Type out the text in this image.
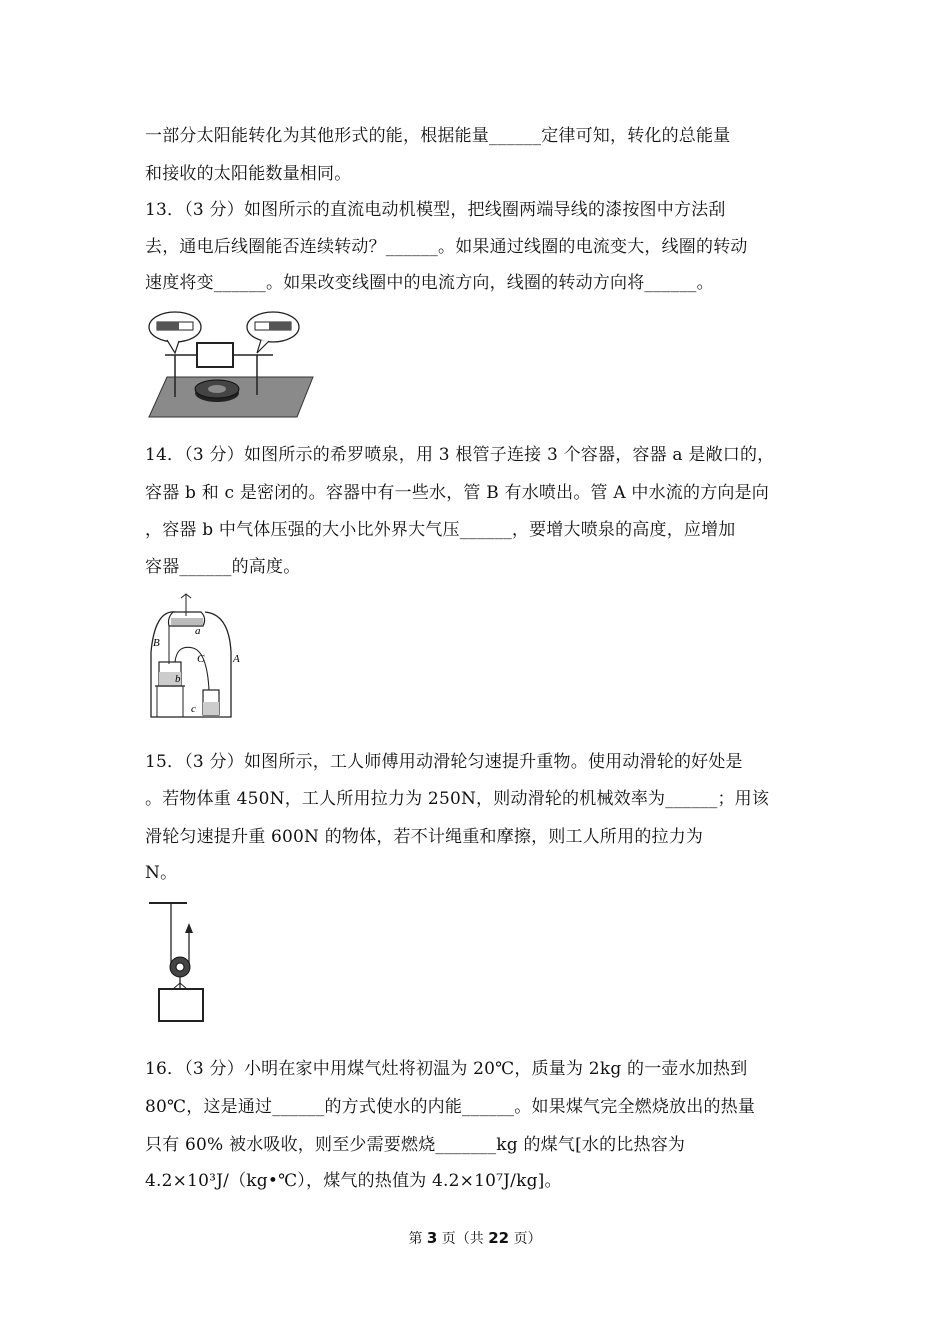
一部分太阳能转化为其他形式的能，根据能量______定律可知，转化的总能量
和接收的太阳能数量相同。
13．（3 分）如图所示的直流电动机模型，把线圈两端导线的漆按图中方法刮
去，通电后线圈能否连续转动？______。如果通过线圈的电流变大，线圈的转动
速度将变______。如果改变线圈中的电流方向，线圈的转动方向将______。
14．（3 分）如图所示的希罗喷泉，用 3 根管子连接 3 个容器，容器 a 是敞口的，
容器 b 和 c 是密闭的。容器中有一些水，管 B 有水喷出。管 A 中水流的方向是向
，容器 b 中气体压强的大小比外界大气压______，要增大喷泉的高度，应增加
容器______的高度。
a
B
C	A
b
c
15．（3 分）如图所示，工人师傅用动滑轮匀速提升重物。使用动滑轮的好处是
。若物体重 450N，工人所用拉力为 250N，则动滑轮的机械效率为______；用该
滑轮匀速提升重 600N 的物体，若不计绳重和摩擦，则工人所用的拉力为
N。
16．（3 分）小明在家中用煤气灶将初温为 20℃，质量为 2kg 的一壶水加热到
80℃，这是通过______的方式使水的内能______。如果煤气完全燃烧放出的热量
只有 60% 被水吸收，则至少需要燃烧_______kg 的煤气[水的比热容为
4.2×10³J/（kg•℃），煤气的热值为 4.2×10⁷J/kg]。
第 3 页（共 22 页）
